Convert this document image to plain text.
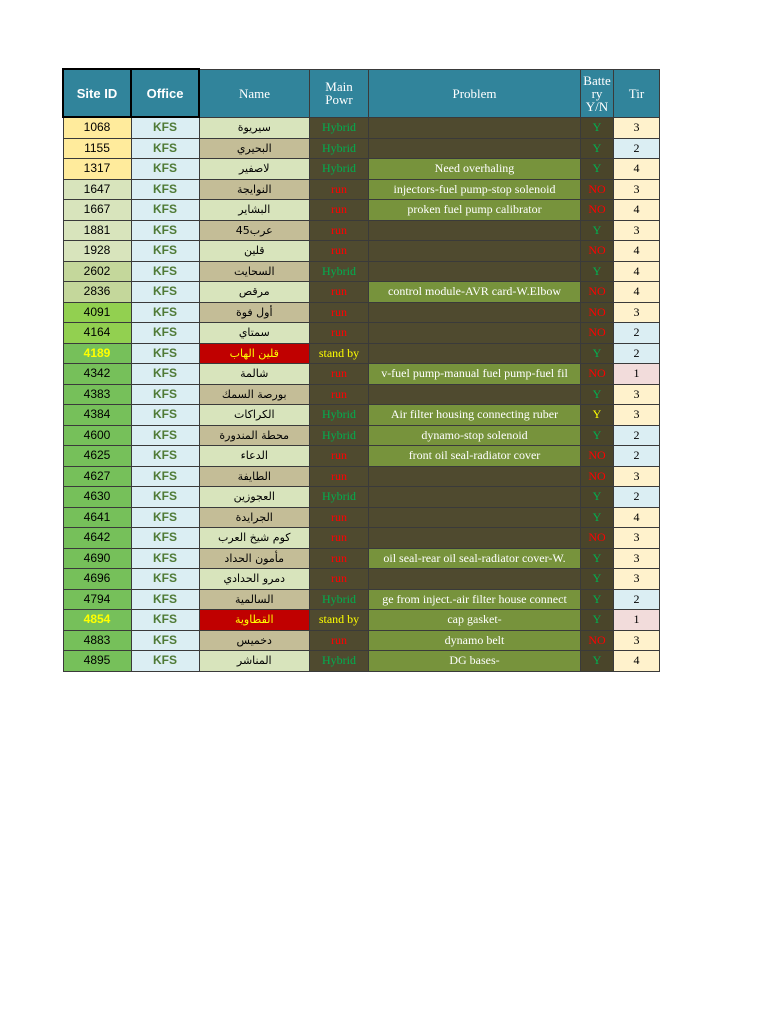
Site ID	Office	Name	Main Powr	Problem	Batte ry Y/N	Tir
1068	KFS	سيريوة	Hybrid		Y	3
1155	KFS	البحيري	Hybrid		Y	2
1317	KFS	لاصفير	Hybrid	Need overhaling	Y	4
1647	KFS	النوايجة	run	injectors-fuel pump-stop solenoid	NO	3
1667	KFS	البشاير	run	proken fuel pump calibrator	NO	4
1881	KFS	عرب45	run		Y	3
1928	KFS	قلين	run		NO	4
2602	KFS	السحايت	Hybrid		Y	4
2836	KFS	مرقص	run	control module-AVR card-W.Elbow	NO	4
4091	KFS	أول فوة	run		NO	3
4164	KFS	سمتاي	run		NO	2
4189	KFS	قلين الهاب	stand by		Y	2
4342	KFS	شالمة	run	v-fuel pump-manual fuel pump-fuel fil	NO	1
4383	KFS	بورصة السمك	run		Y	3
4384	KFS	الكراكات	Hybrid	Air filter housing connecting ruber	Y	3
4600	KFS	محطة المندورة	Hybrid	dynamo-stop solenoid	Y	2
4625	KFS	الدعاء	run	front oil seal-radiator cover	NO	2
4627	KFS	الطايفة	run		NO	3
4630	KFS	العجوزين	Hybrid		Y	2
4641	KFS	الجرايدة	run		Y	4
4642	KFS	كوم شيخ العرب	run		NO	3
4690	KFS	مأمون الحداد	run	oil seal-rear oil seal-radiator cover-W.	Y	3
4696	KFS	دمرو الحدادي	run		Y	3
4794	KFS	السالمية	Hybrid	ge from inject.-air filter house connect	Y	2
4854	KFS	القطاوية	stand by	cap gasket-	Y	1
4883	KFS	دخميس	run	dynamo belt	NO	3
4895	KFS	المناشر	Hybrid	DG bases-	Y	4
